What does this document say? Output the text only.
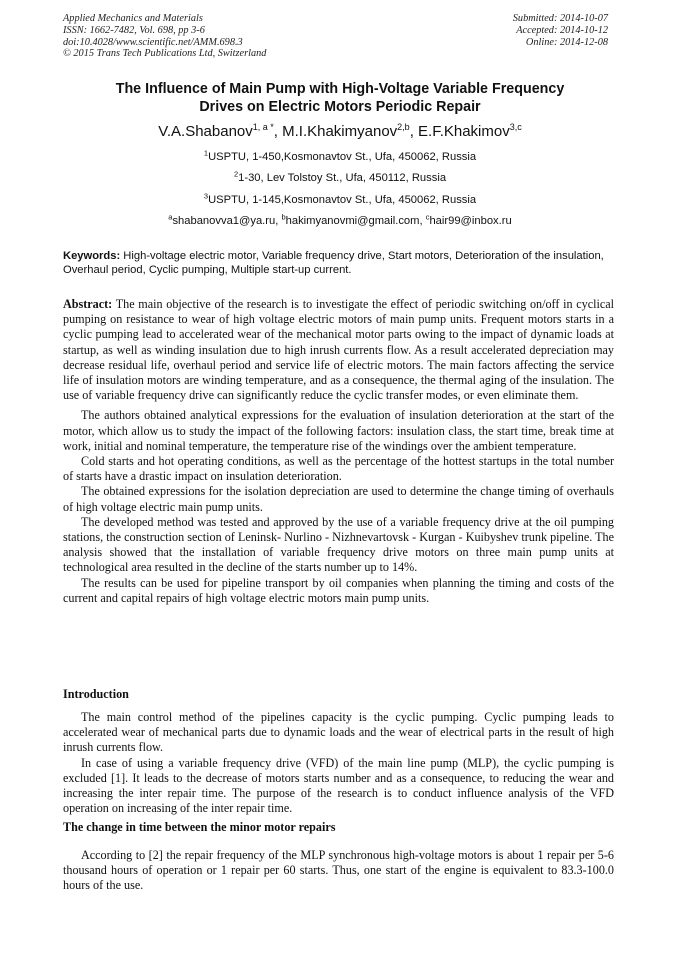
Applied Mechanics and Materials
ISSN: 1662-7482, Vol. 698, pp 3-6
doi:10.4028/www.scientific.net/AMM.698.3
© 2015 Trans Tech Publications Ltd, Switzerland
Submitted: 2014-10-07
Accepted: 2014-10-12
Online: 2014-12-08
The Influence of Main Pump with High-Voltage Variable Frequency
Drives on Electric Motors Periodic Repair
V.A.Shabanov$^{1, a *}$, M.I.Khakimyanov$^{2,b}$, E.F.Khakimov$^{3,c}$
$^1$USPTU, 1-450,Kosmonavtov St., Ufa, 450062, Russia
$^2$1-30, Lev Tolstoy St., Ufa, 450112, Russia
$^3$USPTU, 1-145,Kosmonavtov St., Ufa, 450062, Russia
$^a$shabanovva1@ya.ru, $^b$hakimyanovmi@gmail.com, $^c$hair99@inbox.ru
Keywords: High-voltage electric motor, Variable frequency drive, Start motors, Deterioration of the insulation, Overhaul period, Cyclic pumping, Multiple start-up current.

Abstract: The main objective of the research is to investigate the effect of periodic switching on/off in cyclical pumping on resistance to wear of high voltage electric motors of main pump units. Frequent motors starts in a cyclic pumping lead to accelerated wear of the mechanical motor parts owing to the impact of dynamic loads at startup, as well as winding insulation due to high inrush currents flow. As a result accelerated depreciation may decrease residual life, overhaul period and service life of electric motors. The main factors affecting the service life of insulation motors are winding temperature, and as a consequence, the thermal aging of the insulation. The use of variable frequency drive can significantly reduce the cyclic transfer modes, or even eliminate them.

The authors obtained analytical expressions for the evaluation of insulation deterioration at the start of the motor, which allow us to study the impact of the following factors: insulation class, the start time, break time at work, initial and nominal temperature, the temperature rise of the windings over the ambient temperature.

Cold starts and hot operating conditions, as well as the percentage of the hottest startups in the total number of starts have a drastic impact on insulation deterioration.

The obtained expressions for the isolation depreciation are used to determine the change timing of overhauls of high voltage electric main pump units.

The developed method was tested and approved by the use of a variable frequency drive at the oil pumping stations, the construction section of Leninsk- Nurlino - Nizhnevartovsk - Kurgan - Kuibyshev trunk pipeline. The analysis showed that the installation of variable frequency drive motors on three main pump units at technological area resulted in the decline of the starts number up to 14%.

The results can be used for pipeline transport by oil companies when planning the timing and costs of the current and capital repairs of high voltage electric motors main pump units.

Introduction

The main control method of the pipelines capacity is the cyclic pumping. Cyclic pumping leads to accelerated wear of mechanical parts due to dynamic loads and the wear of electrical parts in the result of high inrush currents flow.

In case of using a variable frequency drive (VFD) of the main line pump (MLP), the cyclic pumping is excluded [1]. It leads to the decrease of motors starts number and as a consequence, to reducing the wear and increasing the inter repair time. The purpose of the research is to conduct influence analysis of the VFD operation on increasing of the inter repair time.

The change in time between the minor motor repairs

According to [2] the repair frequency of the MLP synchronous high-voltage motors is about 1 repair per 5-6 thousand hours of operation or 1 repair per 60 starts. Thus, one start of the engine is equivalent to 83.3-100.0 hours of the use.
